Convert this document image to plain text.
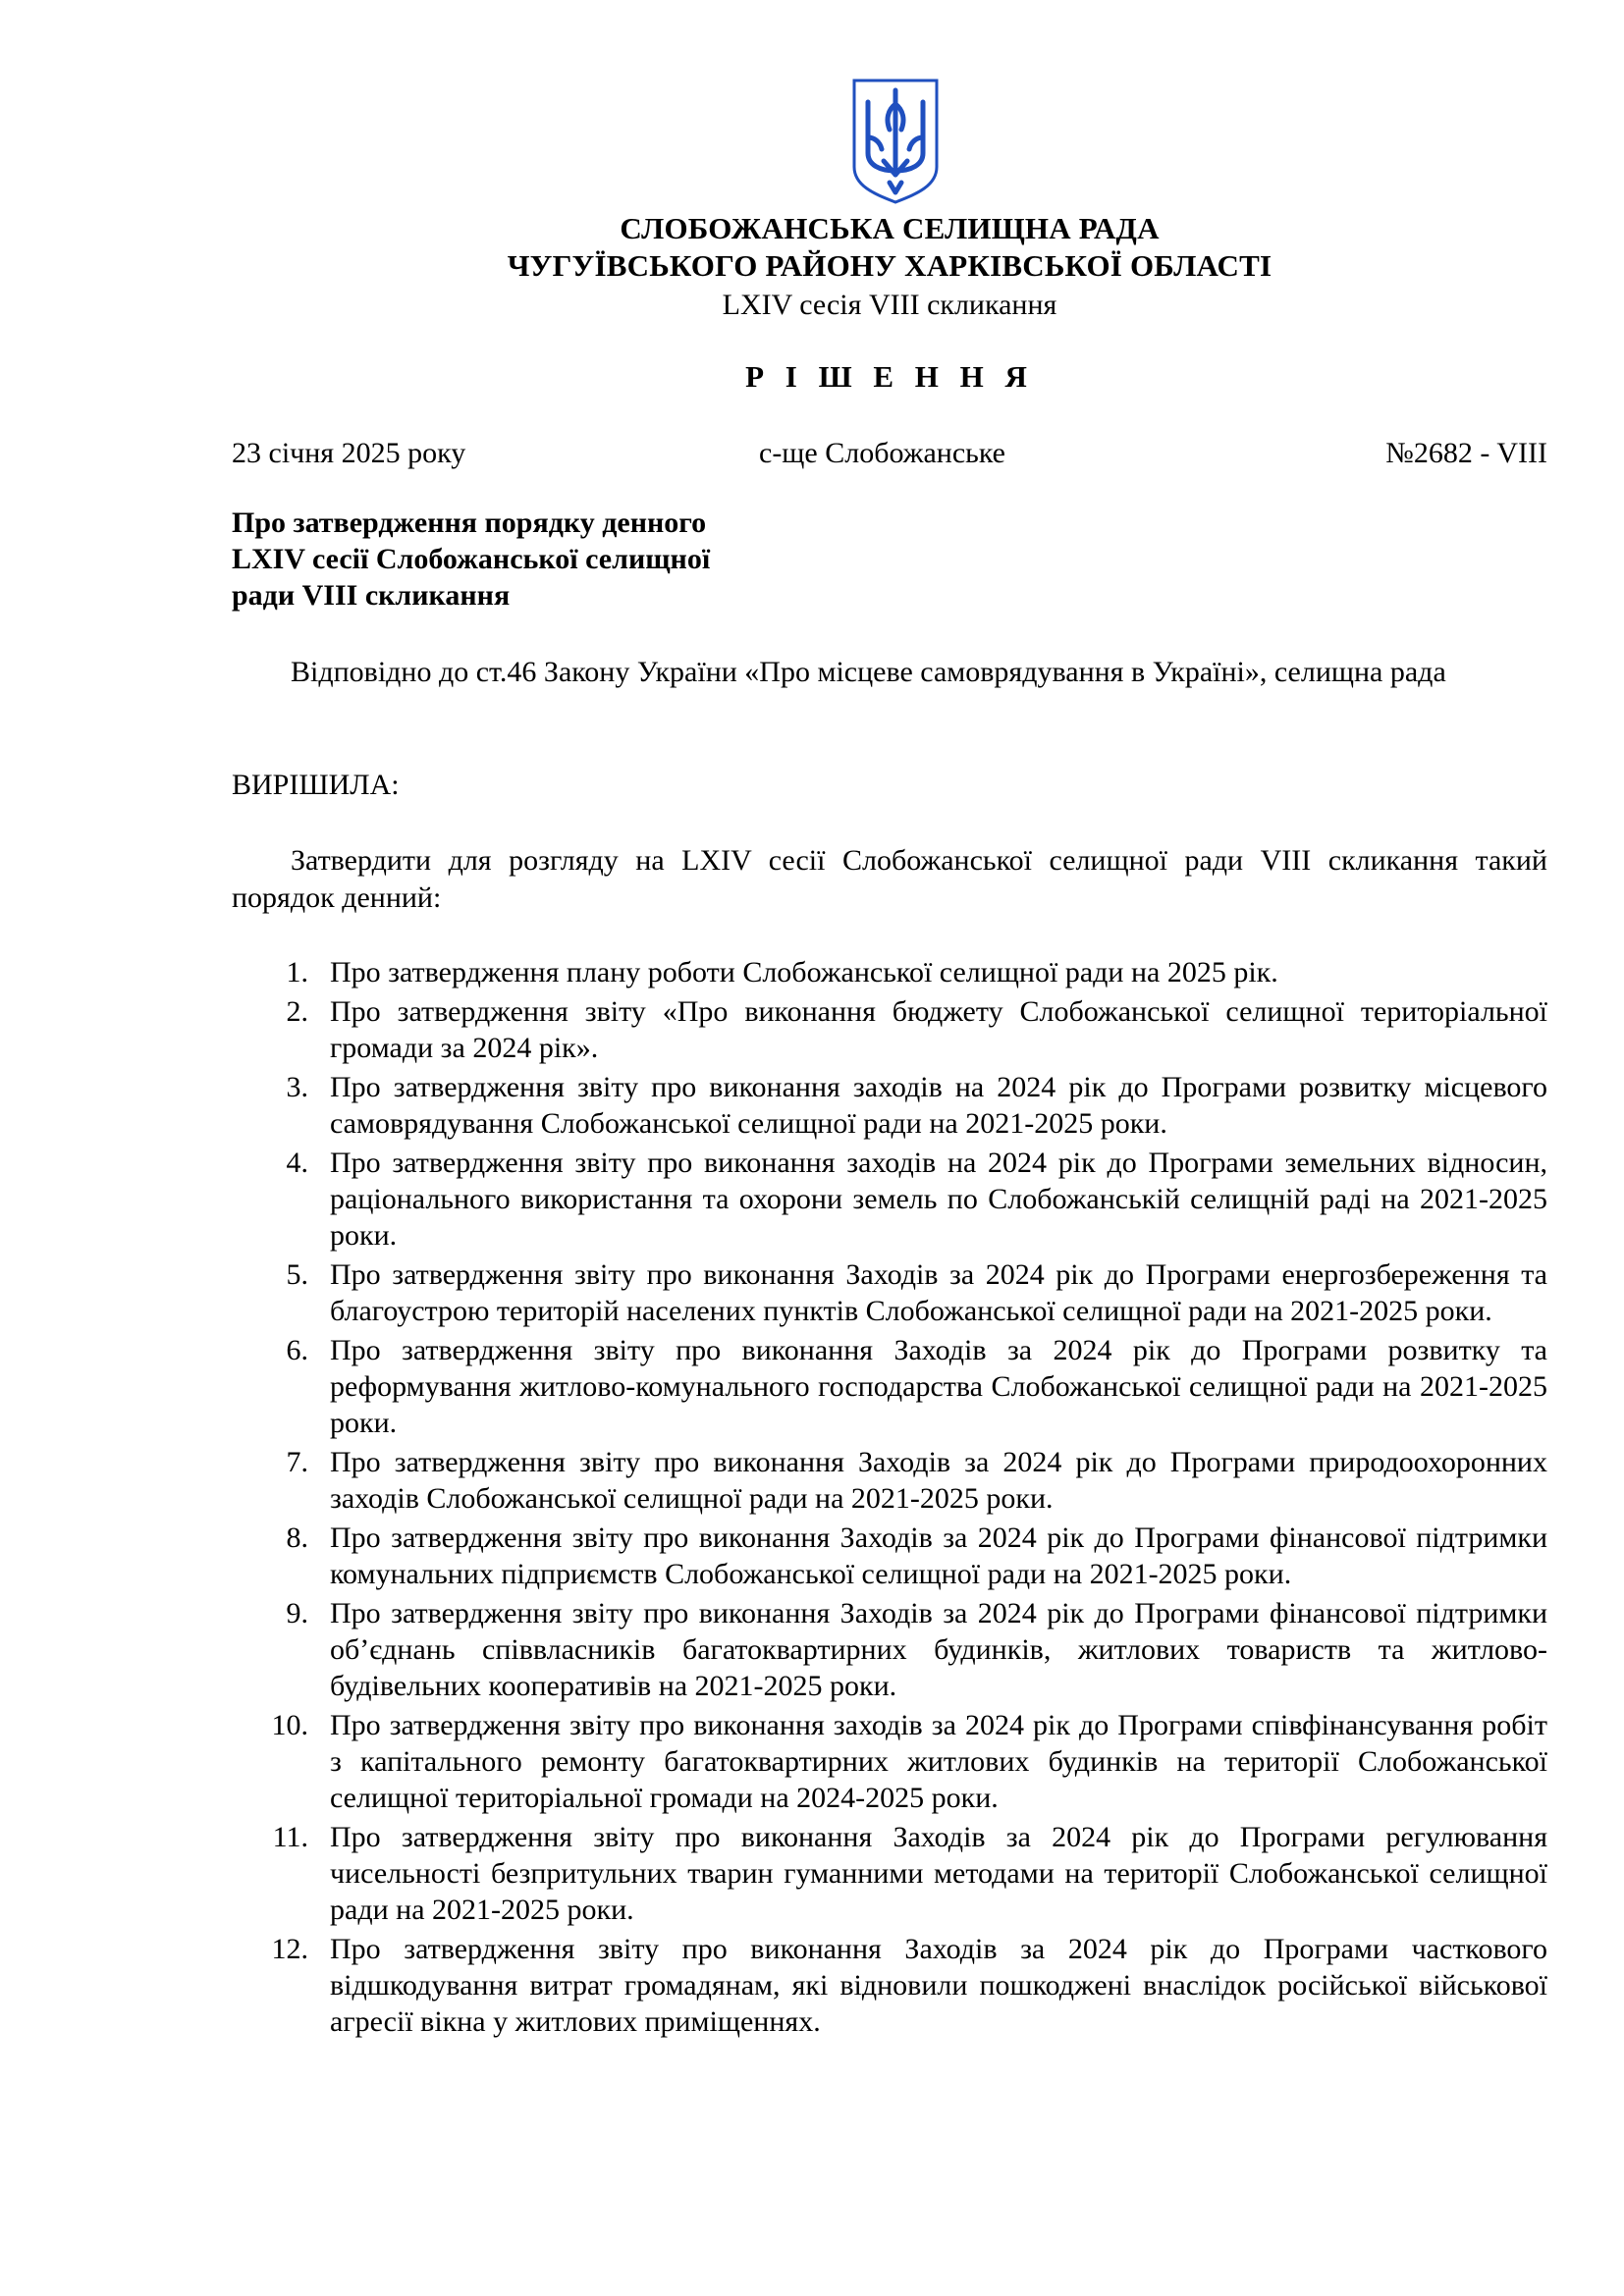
СЛОБОЖАНСЬКА СЕЛИЩНА РАДА
ЧУГУЇВСЬКОГО РАЙОНУ ХАРКІВСЬКОЇ ОБЛАСТІ
LXIV сесія VIII скликання
Р І Ш Е Н Н Я
23 січня 2025 року	с-ще Слобожанське	№2682 - VIII
Про затвердження порядку денного
LXIV сесії Слобожанської селищної
ради VIII скликання
Відповідно до ст.46 Закону України «Про місцеве самоврядування в Україні», селищна рада
ВИРІШИЛА:
Затвердити для розгляду на LXIV сесії Слобожанської селищної ради VIII скликання такий порядок денний:
1. Про затвердження плану роботи Слобожанської селищної ради на 2025 рік.
2. Про затвердження звіту «Про виконання бюджету Слобожанської селищної територіальної громади за 2024 рік».
3. Про затвердження звіту про виконання заходів на 2024 рік до Програми розвитку місцевого самоврядування Слобожанської селищної ради на 2021-2025 роки.
4. Про затвердження звіту про виконання заходів на 2024 рік до Програми земельних відносин, раціонального використання та охорони земель по Слобожанській селищній раді на 2021-2025 роки.
5. Про затвердження звіту про виконання Заходів за 2024 рік до Програми енергозбереження та благоустрою територій населених пунктів Слобожанської селищної ради на 2021-2025 роки.
6. Про затвердження звіту про виконання Заходів за 2024 рік до Програми розвитку та реформування житлово-комунального господарства Слобожанської селищної ради на 2021-2025 роки.
7. Про затвердження звіту про виконання Заходів за 2024 рік до Програми природоохоронних заходів Слобожанської селищної ради на 2021-2025 роки.
8. Про затвердження звіту про виконання Заходів за 2024 рік до Програми фінансової підтримки комунальних підприємств Слобожанської селищної ради на 2021-2025 роки.
9. Про затвердження звіту про виконання Заходів за 2024 рік до Програми фінансової підтримки об’єднань співвласників багатоквартирних будинків, житлових товариств та житлово-будівельних кооперативів на 2021-2025 роки.
10. Про затвердження звіту про виконання заходів за 2024 рік до Програми співфінансування робіт з капітального ремонту багатоквартирних житлових будинків на території Слобожанської селищної територіальної громади на 2024-2025 роки.
11. Про затвердження звіту про виконання Заходів за 2024 рік до Програми регулювання чисельності безпритульних тварин гуманними методами на території Слобожанської селищної ради на 2021-2025 роки.
12. Про затвердження звіту про виконання Заходів за 2024 рік до Програми часткового відшкодування витрат громадянам, які відновили пошкоджені внаслідок російської військової агресії вікна у житлових приміщеннях.
